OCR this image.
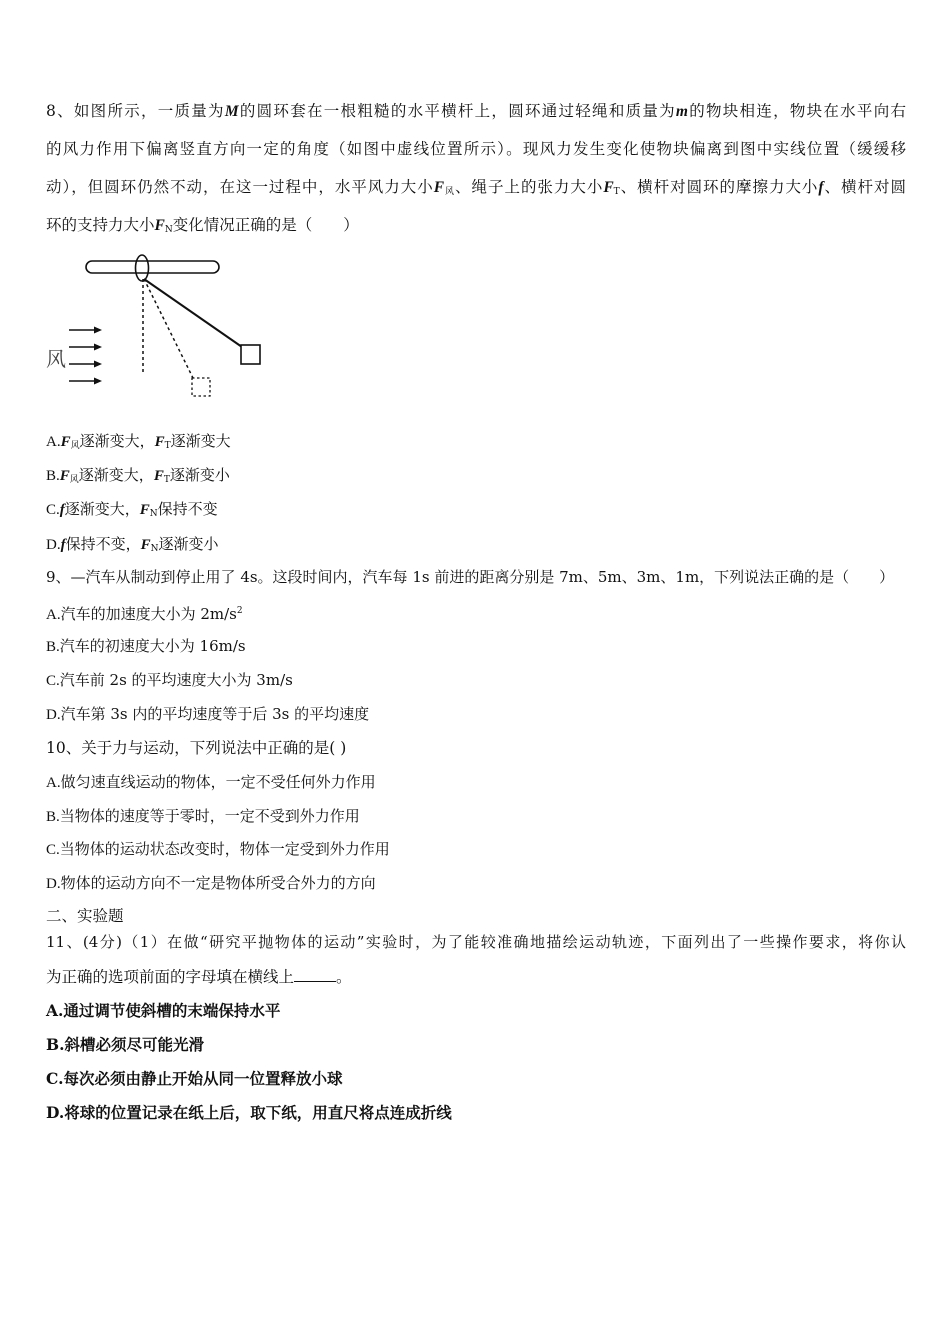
8、如图所示，一质量为M的圆环套在一根粗糙的水平横杆上，圆环通过轻绳和质量为m的物块相连，物块在水平向右
的风力作用下偏离竖直方向一定的角度（如图中虚线位置所示）。现风力发生变化使物块偏离到图中实线位置（缓缓移
动），但圆环仍然不动，在这一过程中，水平风力大小$F_风$、绳子上的张力大小$F_T$、横杆对圆环的摩擦力大小f、横杆对圆
环的支持力大小$F_N$变化情况正确的是（　　）
风
$A.F_风$逐渐变大，$F_T$逐渐变大
$B.F_风$逐渐变大，$F_T$逐渐变小
C.f逐渐变大，$F_N$保持不变
D.f保持不变，$F_N$逐渐变小
9、—汽车从制动到停止用了 4s。这段时间内，汽车每 1s 前进的距离分别是 7m、5m、3m、1m，下列说法正确的是（　　）
A.汽车的加速度大小为 $2m/s^2$
B.汽车的初速度大小为 16m/s
C.汽车前 2s 的平均速度大小为 3m/s
D.汽车第 3s 内的平均速度等于后 3s 的平均速度
10、关于力与运动，下列说法中正确的是( )
A.做匀速直线运动的物体，一定不受任何外力作用
B.当物体的速度等于零时，一定不受到外力作用
C.当物体的运动状态改变时，物体一定受到外力作用
D.物体的运动方向不一定是物体所受合外力的方向
二、实验题
11、(4分)（1）在做“研究平抛物体的运动”实验时，为了能较准确地描绘运动轨迹，下面列出了一些操作要求，将你认
为正确的选项前面的字母填在横线上	。
A.通过调节使斜槽的末端保持水平
B.斜槽必须尽可能光滑
C.每次必须由静止开始从同一位置释放小球
D.将球的位置记录在纸上后，取下纸，用直尺将点连成折线
